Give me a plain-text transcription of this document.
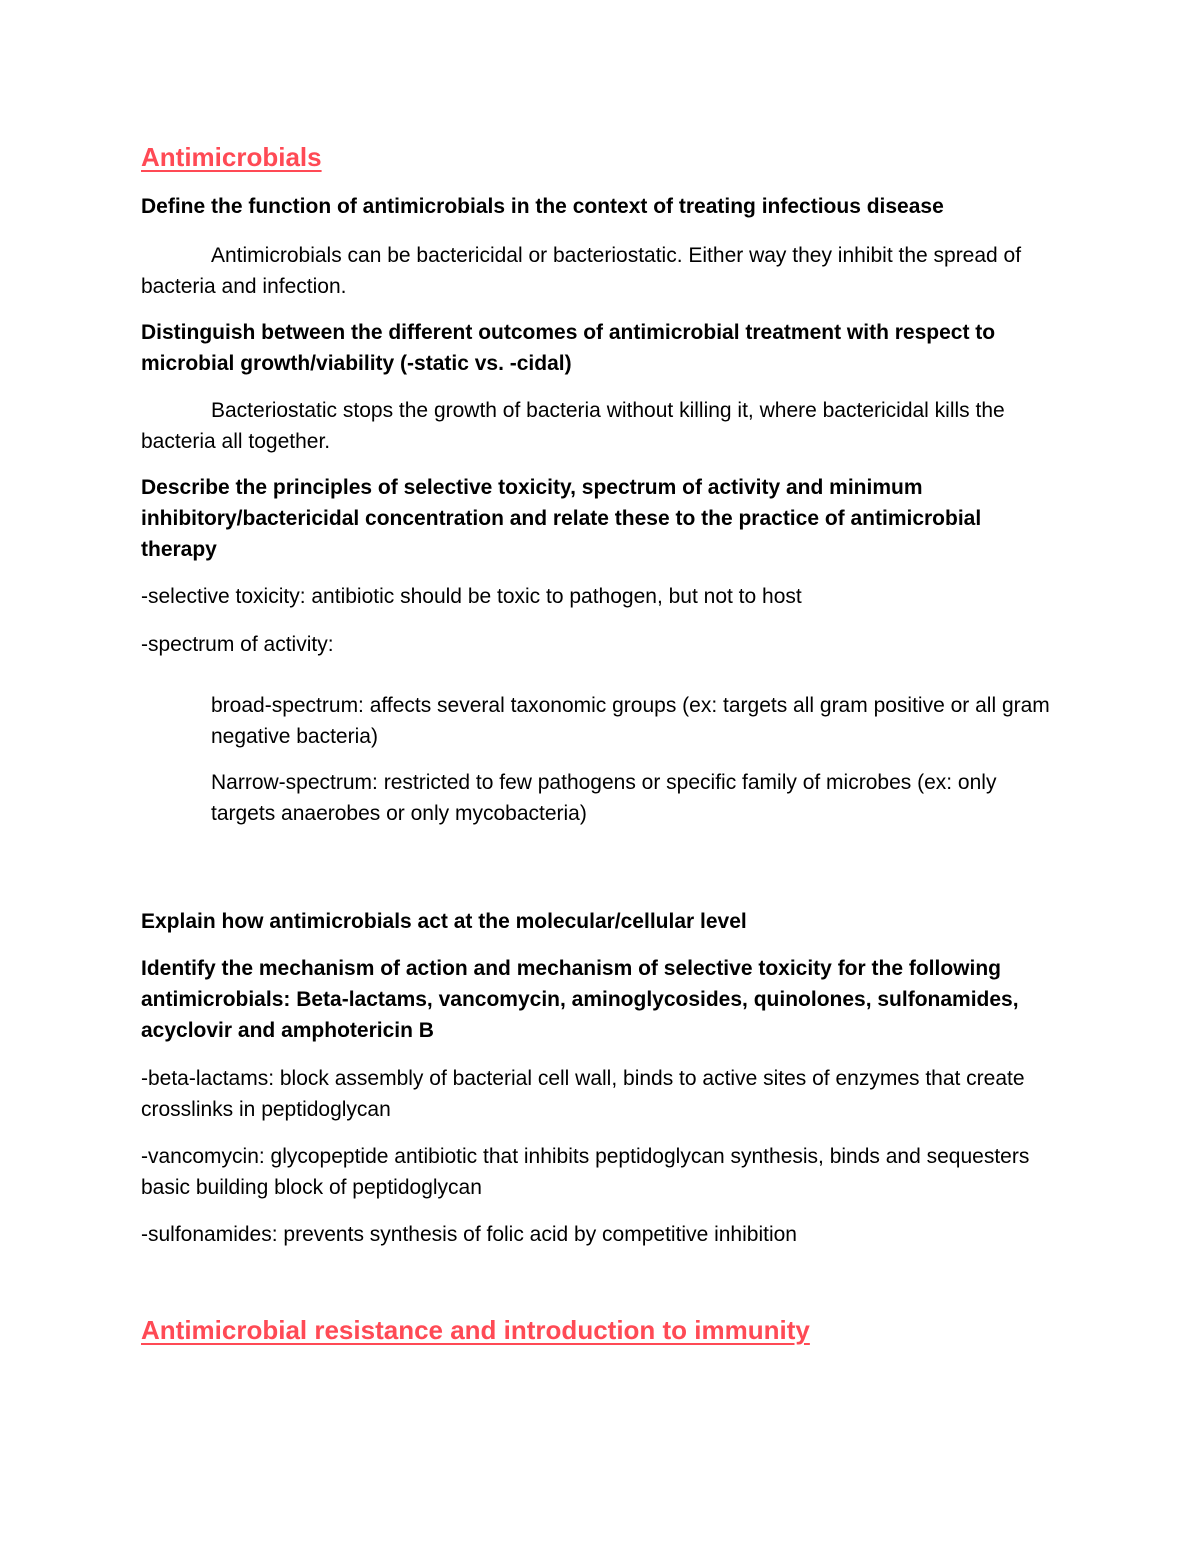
Antimicrobials

Define the function of antimicrobials in the context of treating infectious disease

Antimicrobials can be bactericidal or bacteriostatic. Either way they inhibit the spread of bacteria and infection.

Distinguish between the different outcomes of antimicrobial treatment with respect to microbial growth/viability (-static vs. -cidal)

Bacteriostatic stops the growth of bacteria without killing it, where bactericidal kills the bacteria all together.

Describe the principles of selective toxicity, spectrum of activity and minimum inhibitory/bactericidal concentration and relate these to the practice of antimicrobial therapy

-selective toxicity: antibiotic should be toxic to pathogen, but not to host

-spectrum of activity:

broad-spectrum: affects several taxonomic groups (ex: targets all gram positive or all gram negative bacteria)

Narrow-spectrum: restricted to few pathogens or specific family of microbes (ex: only targets anaerobes or only mycobacteria)

Explain how antimicrobials act at the molecular/cellular level

Identify the mechanism of action and mechanism of selective toxicity for the following antimicrobials: Beta-lactams, vancomycin, aminoglycosides, quinolones, sulfonamides, acyclovir and amphotericin B

-beta-lactams: block assembly of bacterial cell wall, binds to active sites of enzymes that create crosslinks in peptidoglycan

-vancomycin: glycopeptide antibiotic that inhibits peptidoglycan synthesis, binds and sequesters basic building block of peptidoglycan

-sulfonamides: prevents synthesis of folic acid by competitive inhibition

Antimicrobial resistance and introduction to immunity
